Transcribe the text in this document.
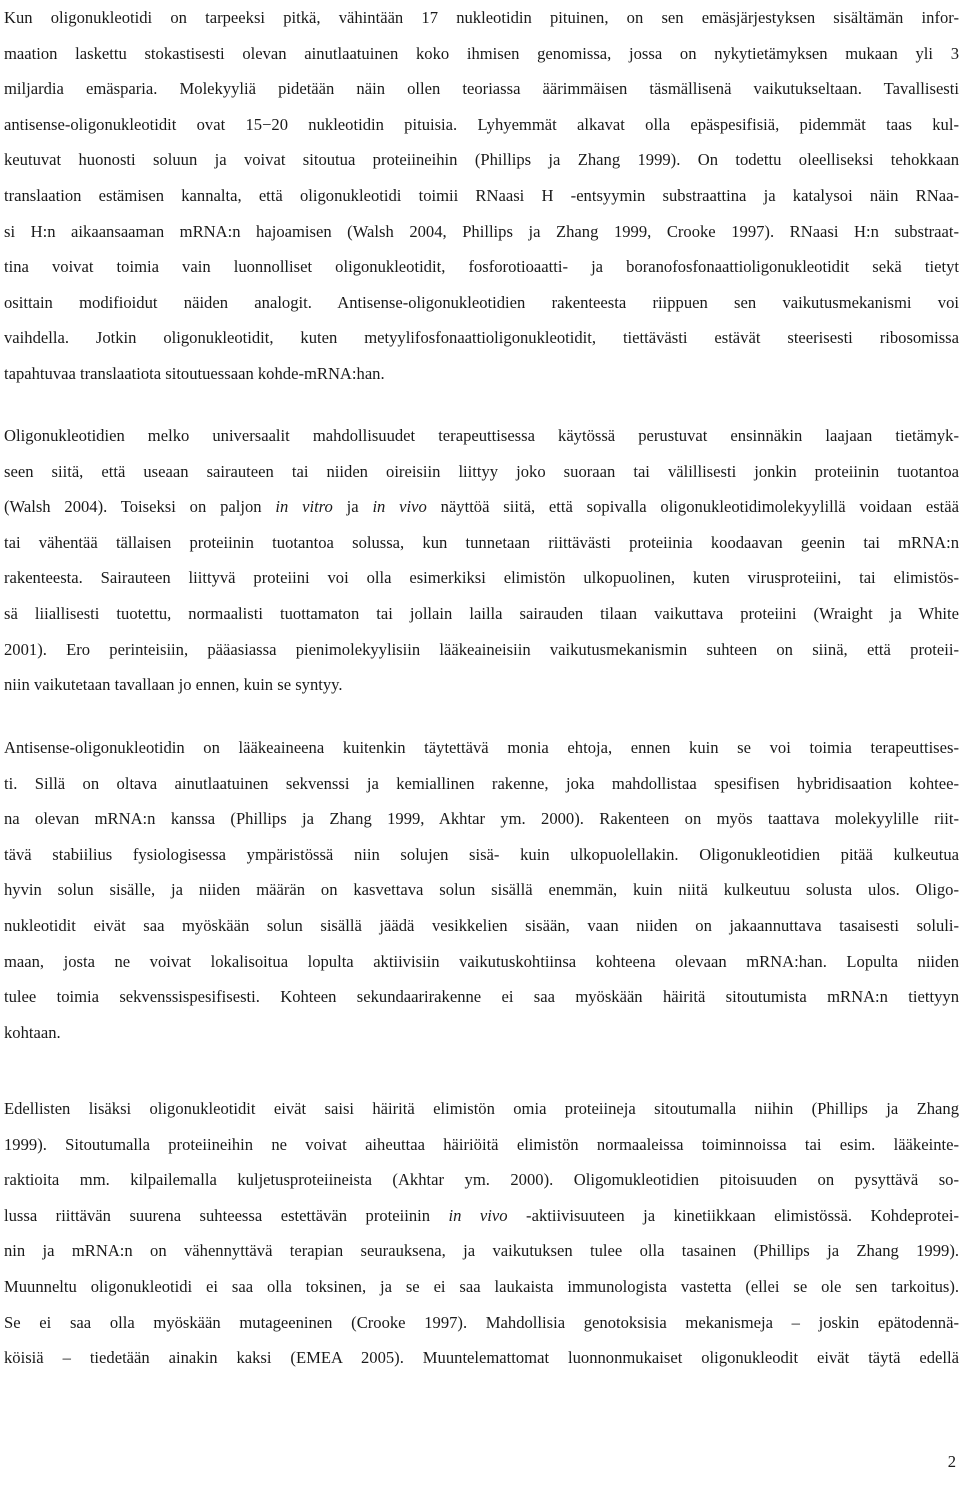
Kun oligonukleotidi on tarpeeksi pitkä, vähintään 17 nukleotidin pituinen, on sen emäsjärjestyksen sisältämän infor-
maation laskettu stokastisesti olevan ainutlaatuinen koko ihmisen genomissa, jossa on nykytietämyksen mukaan yli 3
miljardia emäsparia. Molekyyliä pidetään näin ollen teoriassa äärimmäisen täsmällisenä vaikutukseltaan. Tavallisesti
antisense-oligonukleotidit ovat 15−20 nukleotidin pituisia. Lyhyemmät alkavat olla epäspesifisiä, pidemmät taas kul-
keutuvat huonosti soluun ja voivat sitoutua proteiineihin (Phillips ja Zhang 1999). On todettu oleelliseksi tehokkaan
translaation estämisen kannalta, että oligonukleotidi toimii RNaasi H -entsyymin substraattina ja katalysoi näin RNaa-
si H:n aikaansaaman mRNA:n hajoamisen (Walsh 2004, Phillips ja Zhang 1999, Crooke 1997). RNaasi H:n substraat-
tina voivat toimia vain luonnolliset oligonukleotidit, fosforotioaatti- ja boranofosfonaattioligonukleotidit sekä tietyt
osittain modifioidut näiden analogit. Antisense-oligonukleotidien rakenteesta riippuen sen vaikutusmekanismi voi
vaihdella. Jotkin oligonukleotidit, kuten metyylifosfonaattioligonukleotidit, tiettävästi estävät steerisesti ribosomissa
tapahtuvaa translaatiota sitoutuessaan kohde-mRNA:han.
Oligonukleotidien melko universaalit mahdollisuudet terapeuttisessa käytössä perustuvat ensinnäkin laajaan tietämyk-
seen siitä, että useaan sairauteen tai niiden oireisiin liittyy joko suoraan tai välillisesti jonkin proteiinin tuotantoa
(Walsh 2004). Toiseksi on paljon in vitro ja in vivo näyttöä siitä, että sopivalla oligonukleotidimolekyylillä voidaan estää
tai vähentää tällaisen proteiinin tuotantoa solussa, kun tunnetaan riittävästi proteiinia koodaavan geenin tai mRNA:n
rakenteesta. Sairauteen liittyvä proteiini voi olla esimerkiksi elimistön ulkopuolinen, kuten virusproteiini, tai elimistös-
sä liiallisesti tuotettu, normaalisti tuottamaton tai jollain lailla sairauden tilaan vaikuttava proteiini (Wraight ja White
2001). Ero perinteisiin, pääasiassa pienimolekyylisiin lääkeaineisiin vaikutusmekanismin suhteen on siinä, että proteii-
niin vaikutetaan tavallaan jo ennen, kuin se syntyy.
Antisense-oligonukleotidin on lääkeaineena kuitenkin täytettävä monia ehtoja, ennen kuin se voi toimia terapeuttises-
ti. Sillä on oltava ainutlaatuinen sekvenssi ja kemiallinen rakenne, joka mahdollistaa spesifisen hybridisaation kohtee-
na olevan mRNA:n kanssa (Phillips ja Zhang 1999, Akhtar ym. 2000). Rakenteen on myös taattava molekyylille riit-
tävä stabiilius fysiologisessa ympäristössä niin solujen sisä- kuin ulkopuolellakin. Oligonukleotidien pitää kulkeutua
hyvin solun sisälle, ja niiden määrän on kasvettava solun sisällä enemmän, kuin niitä kulkeutuu solusta ulos. Oligo-
nukleotidit eivät saa myöskään solun sisällä jäädä vesikkelien sisään, vaan niiden on jakaannuttava tasaisesti soluli-
maan, josta ne voivat lokalisoitua lopulta aktiivisiin vaikutuskohtiinsa kohteena olevaan mRNA:han. Lopulta niiden
tulee toimia sekvenssispesifisesti. Kohteen sekundaarirakenne ei saa myöskään häiritä sitoutumista mRNA:n tiettyyn
kohtaan.
Edellisten lisäksi oligonukleotidit eivät saisi häiritä elimistön omia proteiineja sitoutumalla niihin (Phillips ja Zhang
1999). Sitoutumalla proteiineihin ne voivat aiheuttaa häiriöitä elimistön normaaleissa toiminnoissa tai esim. lääkeinte-
raktioita mm. kilpailemalla kuljetusproteiineista (Akhtar ym. 2000). Oligomukleotidien pitoisuuden on pysyttävä so-
lussa riittävän suurena suhteessa estettävän proteiinin in vivo -aktiivisuuteen ja kinetiikkaan elimistössä. Kohdeprotei-
nin ja mRNA:n on vähennyttävä terapian seurauksena, ja vaikutuksen tulee olla tasainen (Phillips ja Zhang 1999).
Muunneltu oligonukleotidi ei saa olla toksinen, ja se ei saa laukaista immunologista vastetta (ellei se ole sen tarkoitus).
Se ei saa olla myöskään mutageeninen (Crooke 1997). Mahdollisia genotoksisia mekanismeja – joskin epätodennä-
köisiä – tiedetään ainakin kaksi (EMEA 2005). Muuntelemattomat luonnonmukaiset oligonukleodit eivät täytä edellä
2
